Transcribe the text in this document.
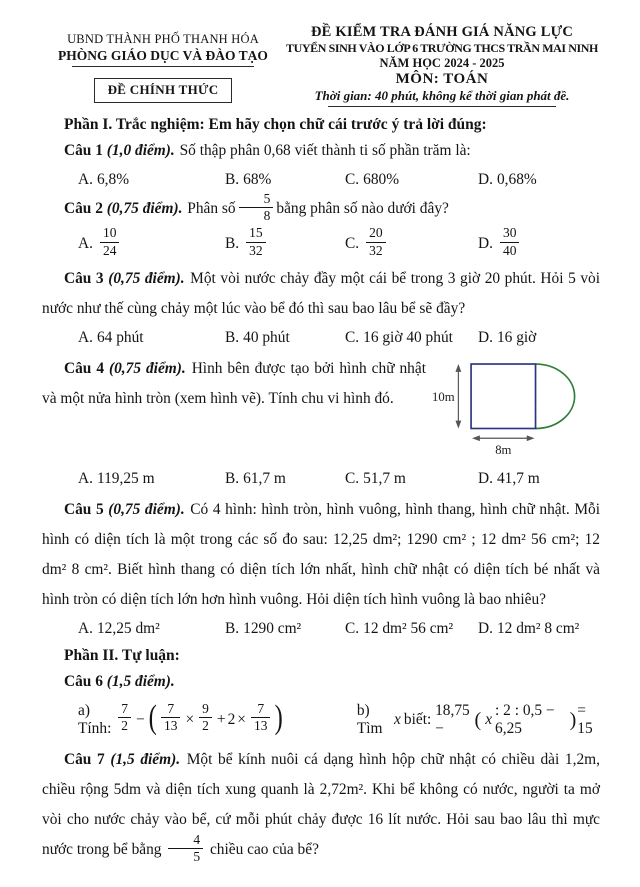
UBND THÀNH PHỐ THANH HÓA
PHÒNG GIÁO DỤC VÀ ĐÀO TẠO
ĐỀ CHÍNH THỨC
ĐỀ KIỂM TRA ĐÁNH GIÁ NĂNG LỰC
TUYỂN SINH VÀO LỚP 6 TRƯỜNG THCS TRẦN MAI NINH
NĂM HỌC 2024 - 2025
MÔN: TOÁN
Thời gian: 40 phút, không kể thời gian phát đề.
Phần I. Trắc nghiệm: Em hãy chọn chữ cái trước ý trả lời đúng:

Câu 1 (1,0 điểm). Số thập phân 0,68 viết thành ti số phần trăm là:

A. 6,8%	B. 68%	C. 680%	D. 0,68%

Câu 2 (0,75 điểm). Phân số $\frac{5}{8}$ bằng phân số nào dưới đây?

A. $\frac{10}{24}$	B. $\frac{15}{32}$	C. $\frac{20}{32}$	D. $\frac{30}{40}$

Câu 3 (0,75 điểm). Một vòi nước chảy đầy một cái bể trong 3 giờ 20 phút. Hỏi 5 vòi nước như thế cùng chảy một lúc vào bể đó thì sau bao lâu bể sẽ đầy?

A. 64 phút	B. 40 phút	C. 16 giờ 40 phút	D. 16 giờ

Câu 4 (0,75 điểm). Hình bên được tạo bởi hình chữ nhật và một nửa hình tròn (xem hình vẽ). Tính chu vi hình đó.	10m
8m
A. 119,25 m	B. 61,7 m	C. 51,7 m	D. 41,7 m

Câu 5 (0,75 điểm). Có 4 hình: hình tròn, hình vuông, hình thang, hình chữ nhật. Mỗi hình có diện tích là một trong các số đo sau: 12,25 dm²; 1290 cm² ; 12 dm² 56 cm²; 12 dm² 8 cm². Biết hình thang có diện tích lớn nhất, hình chữ nhật có diện tích bé nhất và hình tròn có diện tích lớn hơn hình vuông. Hỏi diện tích hình vuông là bao nhiêu?

A. 12,25 dm²	B. 1290 cm²	C. 12 dm² 56 cm²	D. 12 dm² 8 cm²
Phần II. Tự luận:

Câu 6 (1,5 điểm).

a) Tính:
$\frac{7}{2}$ − ( $\frac{7}{13} \times \frac{9}{2} + 2 \times \frac{7}{13}$ )	b) Tìm
x biết:

18,75 −	( x
: 2 : 0,5 − 6,25	) = 15

Câu 7 (1,5 điểm). Một bể kính nuôi cá dạng hình hộp chữ nhật có chiều dài 1,2m, chiều rộng 5dm và diện tích xung quanh là 2,72m². Khi bể không có nước, người ta mở vòi cho nước chảy vào bể, cứ mỗi phút chảy được 16 lít nước. Hỏi sau bao lâu thì mực nước trong bể bằng $\frac{4}{5}$ chiều cao của bể?
